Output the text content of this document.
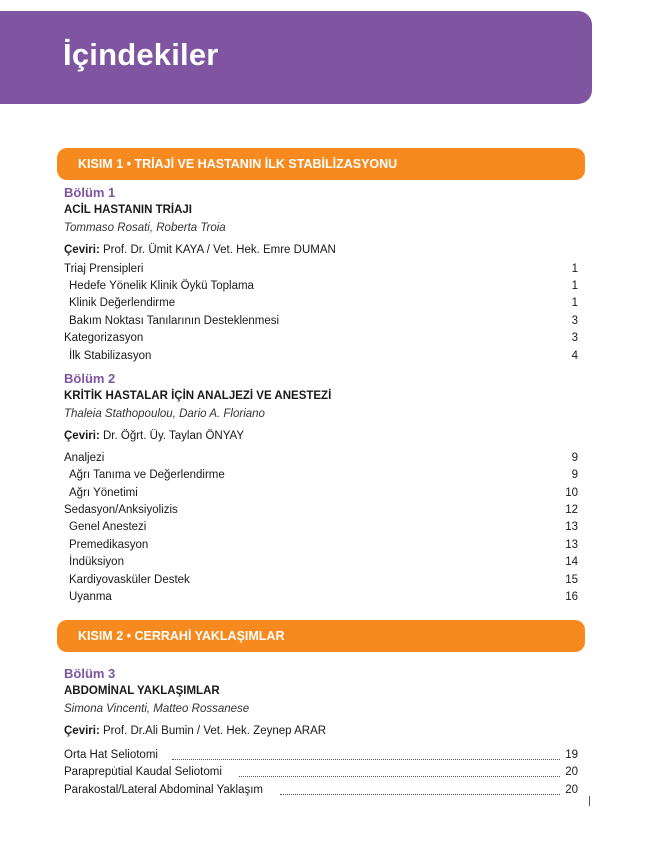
İçindekiler
KISIM 1 • TRİAJİ VE HASTANIN İLK STABİLİZASYONU
Bölüm 1
ACİL HASTANIN TRİAJI
Tommaso Rosati, Roberta Troia
Çeviri: Prof. Dr. Ümit KAYA / Vet. Hek. Emre DUMAN
Triaj Prensipleri	1
Hedefe Yönelik Klinik Öykü Toplama	1
Klinik Değerlendirme	1
Bakım Noktası Tanılarının Desteklenmesi	3
Kategorizasyon	3
İlk Stabilizasyon	4
Bölüm 2
KRİTİK HASTALAR İÇİN ANALJEZİ VE ANESTEZİ
Thaleia Stathopoulou, Dario A. Floriano
Çeviri: Dr. Öğrt. Üy. Taylan ÖNYAY
Analjezi	9
Ağrı Tanıma ve Değerlendirme	9
Ağrı Yönetimi	10
Sedasyon/Anksiyolizis	12
Genel Anestezi	13
Premedikasyon	13
İndüksiyon	14
Kardiyovasküler Destek	15
Uyanma	16
KISIM 2 • CERRAHİ YAKLAŞIMLAR
Bölüm 3
ABDOMİNAL YAKLAŞIMLAR
Simona Vincenti, Matteo Rossanese
Çeviri: Prof. Dr.Ali Bumin / Vet. Hek. Zeynep ARAR
Orta Hat Seliotomi	19
Paraprepu̇tial Kaudal Seliotomi	20
Parakostal/Lateral Abdominal Yaklaşım	20
